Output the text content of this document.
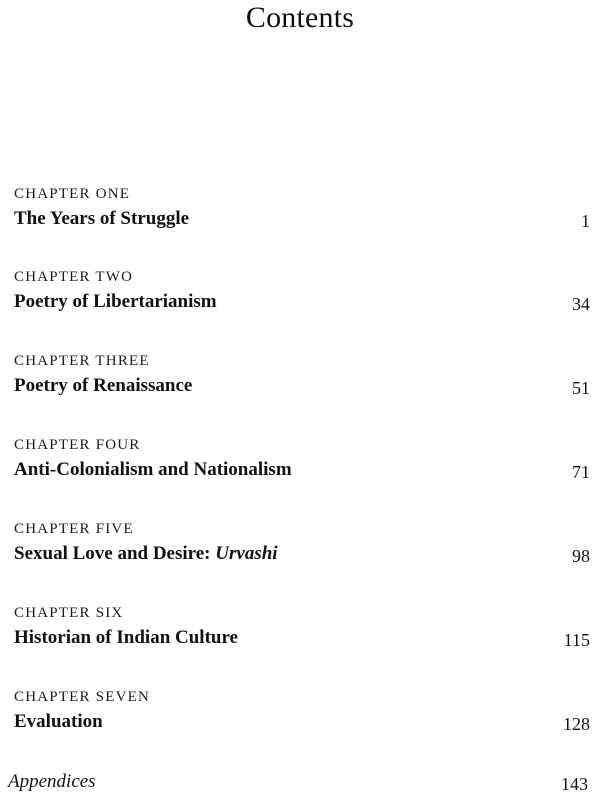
Contents
CHAPTER ONE
The Years of Struggle	1
CHAPTER TWO
Poetry of Libertarianism	34
CHAPTER THREE
Poetry of Renaissance	51
CHAPTER FOUR
Anti-Colonialism and Nationalism	71
CHAPTER FIVE
Sexual Love and Desire: Urvashi	98
CHAPTER SIX
Historian of Indian Culture	115
CHAPTER SEVEN
Evaluation	128
Appendices	143
